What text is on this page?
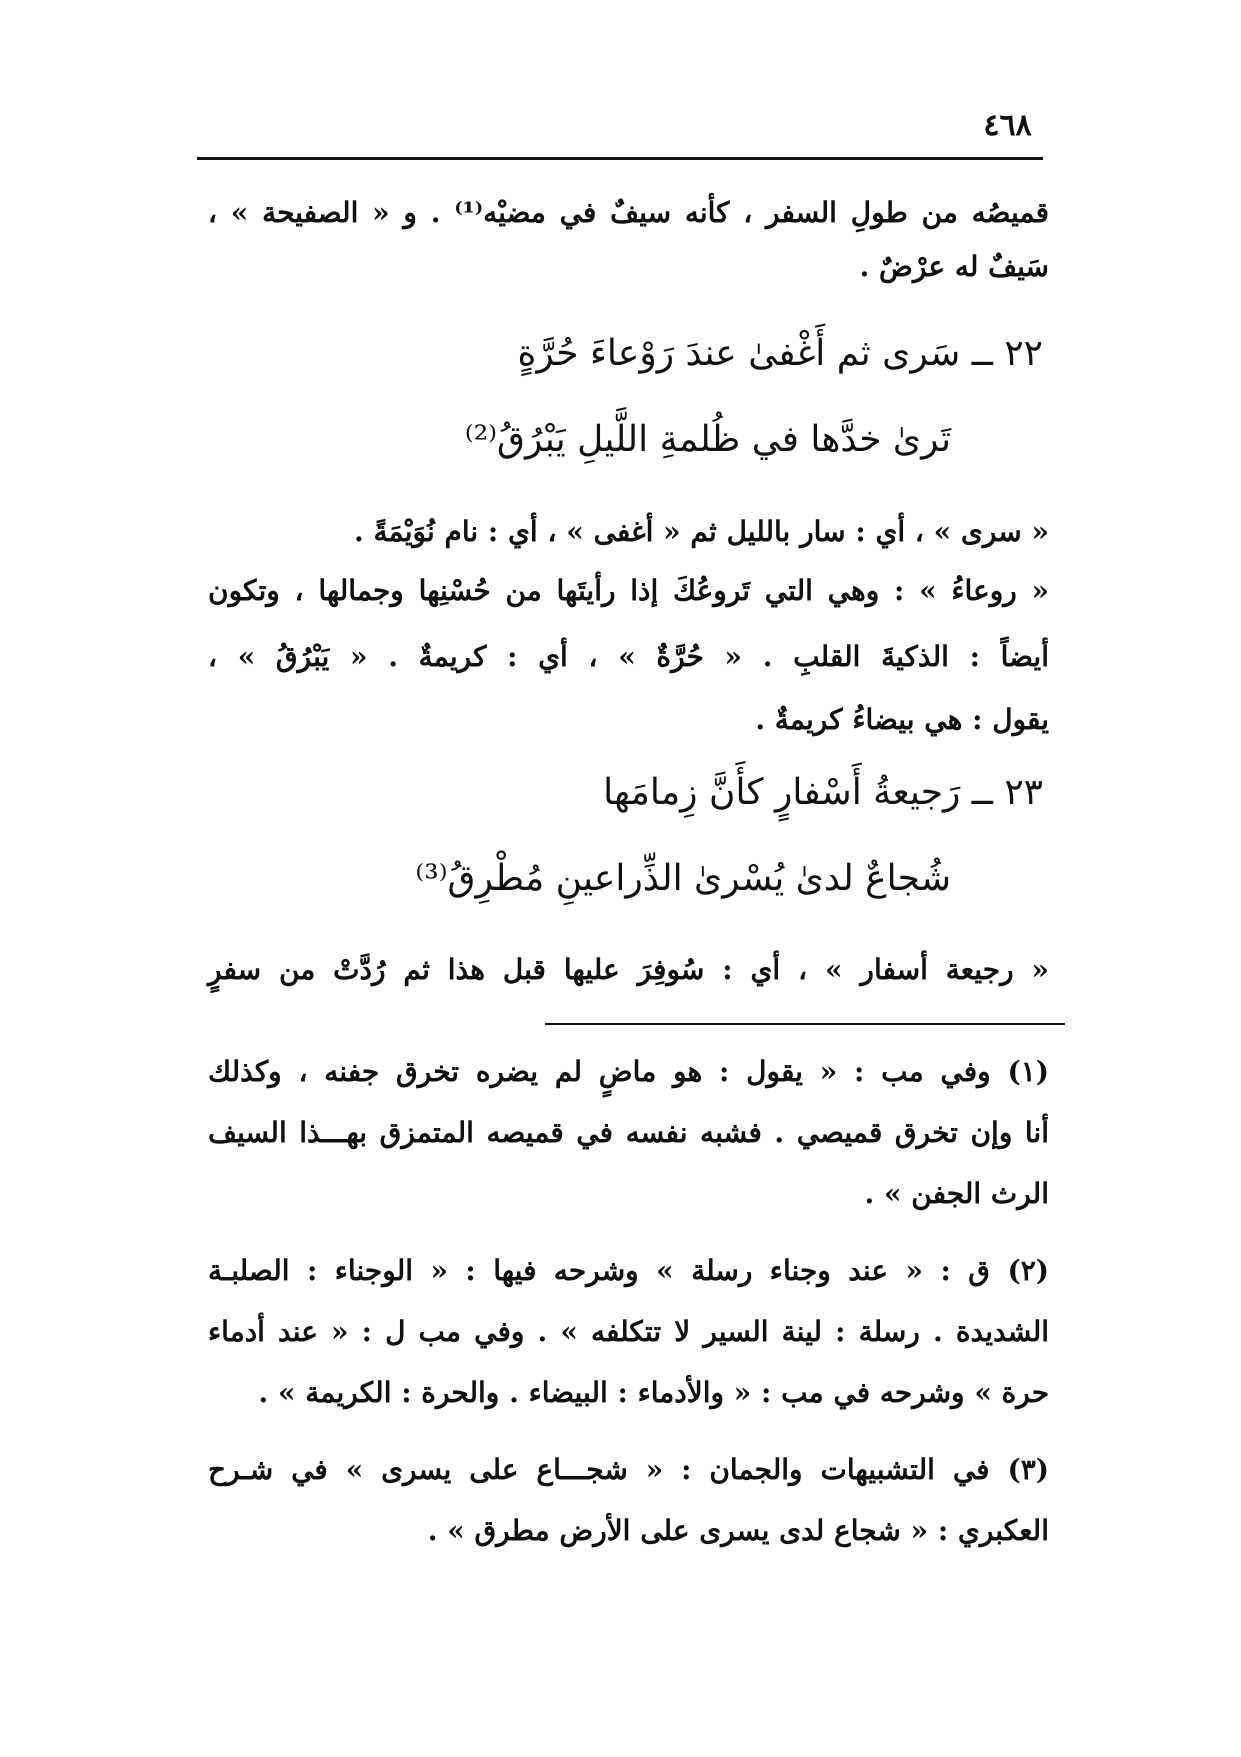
٤٦٨
قميصُه من طولِ السفر ، كأنه سيفٌ في مضيْه⁽¹⁾ . و « الصفيحة » ،
سَيفٌ له عرْضٌ .
٢٢ ــ سَرى ثم أَغْفىٰ عندَ رَوْعاءَ حُرَّةٍ
تَرىٰ خدَّها في ظُلمةِ اللَّيلِ يَبْرُقُ⁽²⁾
« سرى » ، أي : سار بالليل ثم « أغفى » ، أي : نام نُوَيْمَةً .
« روعاءُ » : وهي التي تَروعُكَ إذا رأيتَها من حُسْنِها وجمالها ، وتكون
أيضاً : الذكيةَ القلبِ . « حُرَّةٌ » ، أي : كريمةٌ . « يَبْرُقُ » ،
يقول : هي بيضاءُ كريمةٌ .
٢٣ ــ رَجيعةُ أَسْفارٍ كأَنَّ زِمامَها
شُجاعٌ لدىٰ يُسْرىٰ الذِّراعينِ مُطْرِقُ⁽³⁾
« رجيعة أسفار » ، أي : سُوفِرَ عليها قبل هذا ثم رُدَّتْ من سفرٍ
(١) وفي مب : « يقول : هو ماضٍ لم يضره تخرق جفنه ، وكذلك
أنا وإن تخرق قميصي . فشبه نفسه في قميصه المتمزق بهـــذا السيف
الرث الجفن » .
(٢) ق : « عند وجناء رسلة » وشرحه فيها : « الوجناء : الصلبـة
الشديدة . رسلة : لينة السير لا تتكلفه » . وفي مب ل : « عند أدماء
حرة » وشرحه في مب : « والأدماء : البيضاء . والحرة : الكريمة » .
(٣) في التشبيهات والجمان : « شجـــاع على يسرى » في شـرح
العكبري : « شجاع لدى يسرى على الأرض مطرق » .
